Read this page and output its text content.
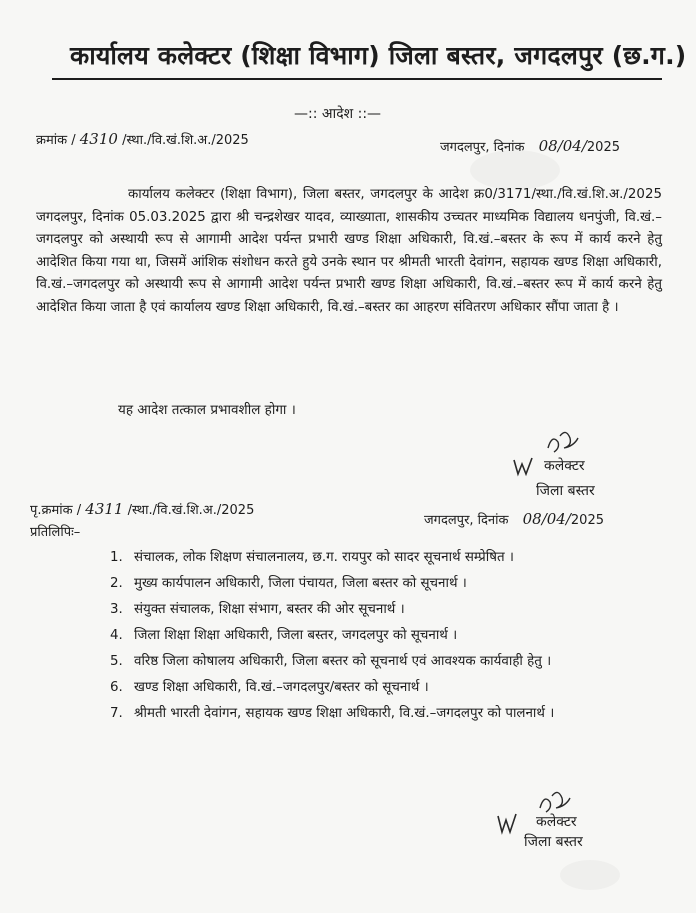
कार्यालय कलेक्टर (शिक्षा विभाग) जिला बस्तर, जगदलपुर (छ.ग.)
—:: आदेश ::—
क्रमांक / 4310 /स्था./वि.खं.शि.अ./2025	जगदलपुर, दिनांक 08/04/2025
कार्यालय कलेक्टर (शिक्षा विभाग), जिला बस्तर, जगदलपुर के आदेश क्र0/3171/स्था./वि.खं.शि.अ./2025 जगदलपुर, दिनांक 05.03.2025 द्वारा श्री चन्द्रशेखर यादव, व्याख्याता, शासकीय उच्चतर माध्यमिक विद्यालय धनपुंजी, वि.खं.–जगदलपुर को अस्थायी रूप से आगामी आदेश पर्यन्त प्रभारी खण्ड शिक्षा अधिकारी, वि.खं.–बस्तर के रूप में कार्य करने हेतु आदेशित किया गया था, जिसमें आंशिक संशोधन करते हुये उनके स्थान पर श्रीमती भारती देवांगन, सहायक खण्ड शिक्षा अधिकारी, वि.खं.–जगदलपुर को अस्थायी रूप से आगामी आदेश पर्यन्त प्रभारी खण्ड शिक्षा अधिकारी, वि.खं.–बस्तर रूप में कार्य करने हेतु आदेशित किया जाता है एवं कार्यालय खण्ड शिक्षा अधिकारी, वि.खं.–बस्तर का आहरण संवितरण अधिकार सौंपा जाता है ।
यह आदेश तत्काल प्रभावशील होगा ।
कलेक्टर
जिला बस्तर
पृ.क्रमांक / 4311 /स्था./वि.खं.शि.अ./2025
जगदलपुर, दिनांक 08/04/2025
प्रतिलिपिः–
1. संचालक, लोक शिक्षण संचालनालय, छ.ग. रायपुर को सादर सूचनार्थ सम्प्रेषित ।
2. मुख्य कार्यपालन अधिकारी, जिला पंचायत, जिला बस्तर को सूचनार्थ ।
3. संयुक्त संचालक, शिक्षा संभाग, बस्तर की ओर सूचनार्थ ।
4. जिला शिक्षा शिक्षा अधिकारी, जिला बस्तर, जगदलपुर को सूचनार्थ ।
5. वरिष्ठ जिला कोषालय अधिकारी, जिला बस्तर को सूचनार्थ एवं आवश्यक कार्यवाही हेतु ।
6. खण्ड शिक्षा अधिकारी, वि.खं.–जगदलपुर/बस्तर को सूचनार्थ ।
7. श्रीमती भारती देवांगन, सहायक खण्ड शिक्षा अधिकारी, वि.खं.–जगदलपुर को पालनार्थ ।
कलेक्टर
जिला बस्तर
